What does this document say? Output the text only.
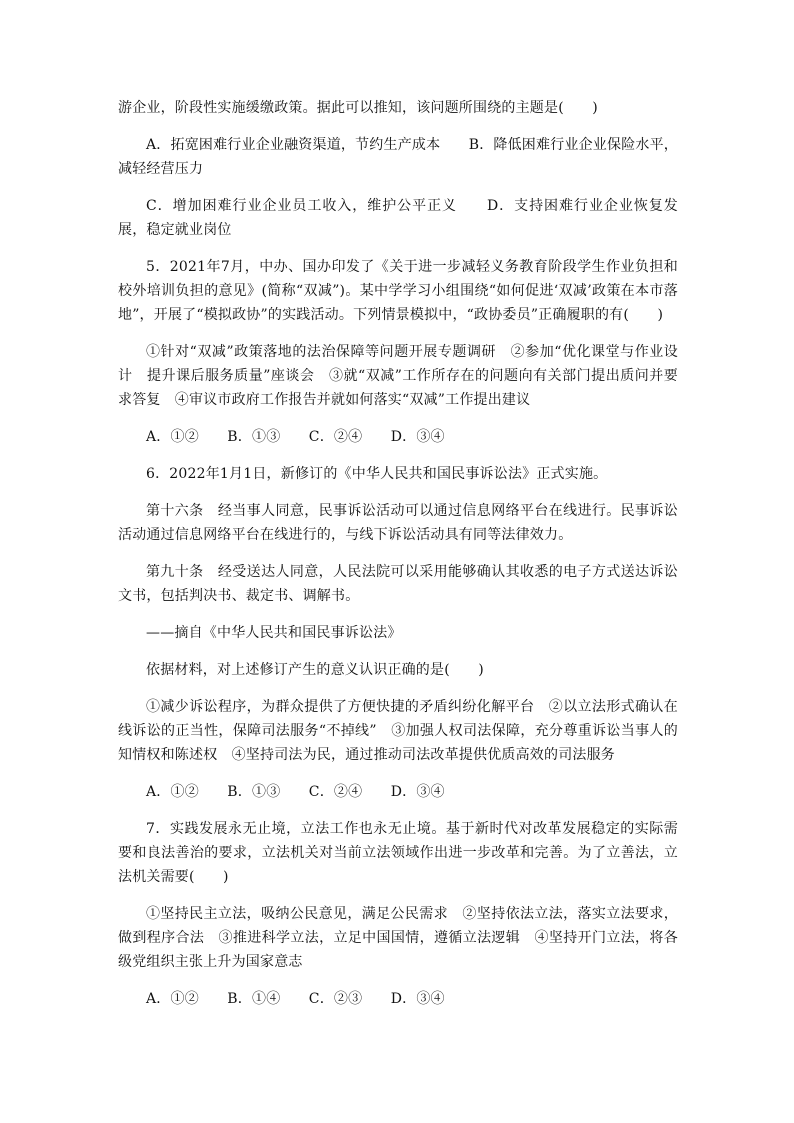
游企业，阶段性实施缓缴政策。据此可以推知，该问题所围绕的主题是(　　)

A．拓宽困难行业企业融资渠道，节约生产成本　　B．降低困难行业企业保险水平，减轻经营压力

C．增加困难行业企业员工收入，维护公平正义　　D．支持困难行业企业恢复发展，稳定就业岗位

5．2021年7月，中办、国办印发了《关于进一步减轻义务教育阶段学生作业负担和校外培训负担的意见》(简称“双减”)。某中学学习小组围绕“如何促进‘双减’政策在本市落地”，开展了“模拟政协”的实践活动。下列情景模拟中，“政协委员”正确履职的有(　　)

①针对“双减”政策落地的法治保障等问题开展专题调研　②参加“优化课堂与作业设计　提升课后服务质量”座谈会　③就“双减”工作所存在的问题向有关部门提出质问并要求答复　④审议市政府工作报告并就如何落实“双减”工作提出建议

A．①②　　B．①③　　C．②④　　D．③④

6．2022年1月1日，新修订的《中华人民共和国民事诉讼法》正式实施。

第十六条　经当事人同意，民事诉讼活动可以通过信息网络平台在线进行。民事诉讼活动通过信息网络平台在线进行的，与线下诉讼活动具有同等法律效力。

第九十条　经受送达人同意，人民法院可以采用能够确认其收悉的电子方式送达诉讼文书，包括判决书、裁定书、调解书。

——摘自《中华人民共和国民事诉讼法》

依据材料，对上述修订产生的意义认识正确的是(　　)

①减少诉讼程序，为群众提供了方便快捷的矛盾纠纷化解平台　②以立法形式确认在线诉讼的正当性，保障司法服务“不掉线”　③加强人权司法保障，充分尊重诉讼当事人的知情权和陈述权　④坚持司法为民，通过推动司法改革提供优质高效的司法服务

A．①②　　B．①③　　C．②④　　D．③④

7．实践发展永无止境，立法工作也永无止境。基于新时代对改革发展稳定的实际需要和良法善治的要求，立法机关对当前立法领域作出进一步改革和完善。为了立善法，立法机关需要(　　)

①坚持民主立法，吸纳公民意见，满足公民需求　②坚持依法立法，落实立法要求，做到程序合法　③推进科学立法，立足中国国情，遵循立法逻辑　④坚持开门立法，将各级党组织主张上升为国家意志

A．①②　　B．①④　　C．②③　　D．③④
